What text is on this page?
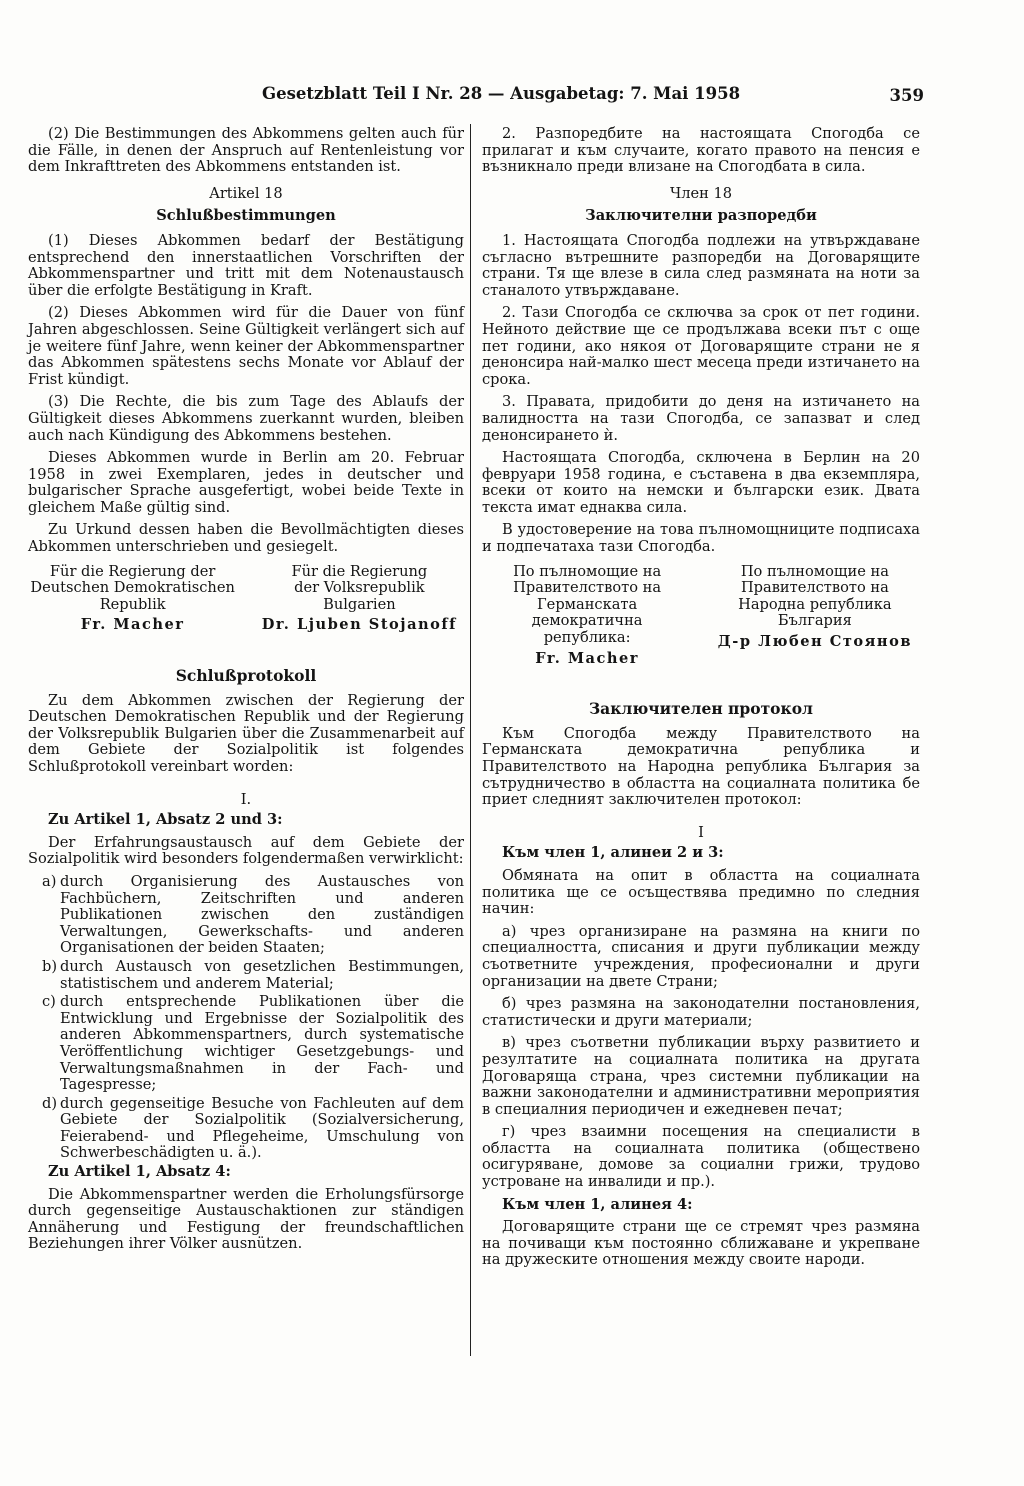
Gesetzblatt Teil I Nr. 28 — Ausgabetag: 7. Mai 1958	359

(2) Die Bestimmungen des Abkommens gelten auch für die Fälle, in denen der Anspruch auf Rentenleistung vor dem Inkrafttreten des Abkommens entstanden ist.

Artikel 18
Schlußbestimmungen

(1) Dieses Abkommen bedarf der Bestätigung entsprechend den innerstaatlichen Vorschriften der Abkommenspartner und tritt mit dem Notenaustausch über die erfolgte Bestätigung in Kraft.

(2) Dieses Abkommen wird für die Dauer von fünf Jahren abgeschlossen. Seine Gültigkeit verlängert sich auf je weitere fünf Jahre, wenn keiner der Abkommenspartner das Abkommen spätestens sechs Monate vor Ablauf der Frist kündigt.

(3) Die Rechte, die bis zum Tage des Ablaufs der Gültigkeit dieses Abkommens zuerkannt wurden, bleiben auch nach Kündigung des Abkommens bestehen.

Dieses Abkommen wurde in Berlin am 20. Februar 1958 in zwei Exemplaren, jedes in deutscher und bulgarischer Sprache ausgefertigt, wobei beide Texte in gleichem Maße gültig sind.

Zu Urkund dessen haben die Bevollmächtigten dieses Abkommen unterschrieben und gesiegelt.

Für die Regierung der
Deutschen Demokratischen
Republik
Fr. Macher
Für die Regierung
der Volksrepublik
Bulgarien
Dr. Ljuben Stojanoff
Schlußprotokoll

Zu dem Abkommen zwischen der Regierung der Deutschen Demokratischen Republik und der Regierung der Volksrepublik Bulgarien über die Zusammenarbeit auf dem Gebiete der Sozialpolitik ist folgendes Schlußprotokoll vereinbart worden:

I.

Zu Artikel 1, Absatz 2 und 3:

Der Erfahrungsaustausch auf dem Gebiete der Sozialpolitik wird besonders folgendermaßen verwirklicht:

a) durch Organisierung des Austausches von Fachbüchern, Zeitschriften und anderen Publikationen zwischen den zuständigen Verwaltungen, Gewerkschafts- und anderen Organisationen der beiden Staaten;
b) durch Austausch von gesetzlichen Bestimmungen, statistischem und anderem Material;
c) durch entsprechende Publikationen über die Entwicklung und Ergebnisse der Sozialpolitik des anderen Abkommenspartners, durch systematische Veröffentlichung wichtiger Gesetzgebungs- und Verwaltungsmaßnahmen in der Fach- und Tagespresse;
d) durch gegenseitige Besuche von Fachleuten auf dem Gebiete der Sozialpolitik (Sozialversicherung, Feierabend- und Pflegeheime, Umschulung von Schwerbeschädigten u. ä.).

Zu Artikel 1, Absatz 4:

Die Abkommenspartner werden die Erholungsfürsorge durch gegenseitige Austauschaktionen zur ständigen Annäherung und Festigung der freundschaftlichen Beziehungen ihrer Völker ausnützen.

2. Разпоредбите на настоящата Спогодба се прилагат и към случаите, когато правото на пенсия е възникнало преди влизане на Спогодбата в сила.

Член 18
Заключителни разпоредби

1. Настоящата Спогодба подлежи на утвърждаване съгласно вътрешните разпоредби на Договарящите страни. Тя ще влезе в сила след размяната на ноти за станалото утвърждаване.

2. Тази Спогодба се сключва за срок от пет години. Нейното действие ще се продължава всеки път с още пет години, ако някоя от Договарящите страни не я денонсира най-малко шест месеца преди изтичането на срока.

3. Правата, придобити до деня на изтичането на валидността на тази Спогодба, се запазват и след денонсирането ѝ.

Настоящата Спогодба, сключена в Берлин на 20 февруари 1958 година, е съставена в два екземпляра, всеки от които на немски и български език. Двата текста имат еднаква сила.

В удостоверение на това пълномощниците подписаха и подпечатаха тази Спогодба.

По пълномощие на
Правителството на
Германската демократична
република:
Fr. Macher
По пълномощие на
Правителството на
Народна република
България
Д-р Любен Стоянов
Заключителен протокол

Към Спогодба между Правителството на Германската демократична република и Правителството на Народна република България за сътрудничество в областта на социалната политика бе приет следният заключителен протокол:

I

Към член 1, алинеи 2 и 3:

Обмяната на опит в областта на социалната политика ще се осъществява предимно по следния начин:

а) чрез организиране на размяна на книги по специалността, списания и други публикации между съответните учреждения, професионални и други организации на двете Страни;

б) чрез размяна на законодателни постановления, статистически и други материали;

в) чрез съответни публикации върху развитието и резултатите на социалната политика на другата Договаряща страна, чрез системни публикации на важни законодателни и административни мероприятия в специалния периодичен и ежедневен печат;

г) чрез взаимни посещения на специалисти в областта на социалната политика (обществено осигуряване, домове за социални грижи, трудово устроване на инвалиди и пр.).

Към член 1, алинея 4:

Договарящите страни ще се стремят чрез размяна на почиващи към постоянно сближаване и укрепване на дружеските отношения между своите народи.
